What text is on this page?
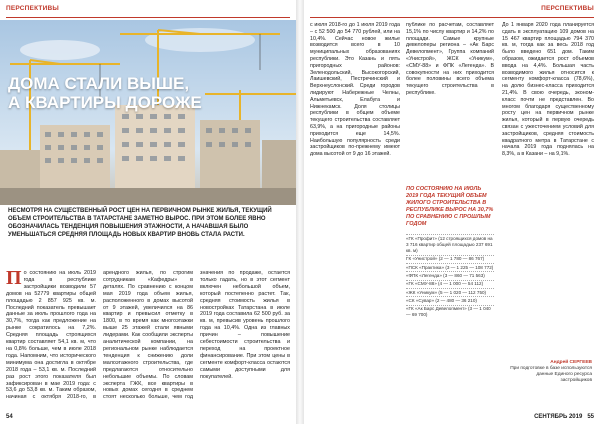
ПЕРСПЕКТИВЫ
ДОМА СТАЛИ ВЫШЕ,
А КВАРТИРЫ ДОРОЖЕ
НЕСМОТРЯ НА СУЩЕСТВЕННЫЙ РОСТ ЦЕН НА ПЕРВИЧНОМ РЫНКЕ ЖИЛЬЯ, ТЕКУЩИЙ ОБЪЕМ СТРОИТЕЛЬСТВА В ТАТАРСТАНЕ ЗАМЕТНО ВЫРОС. ПРИ ЭТОМ БОЛЕЕ ЯВНО ОБОЗНАЧИЛАСЬ ТЕНДЕНЦИЯ ПОВЫШЕНИЯ ЭТАЖНОСТИ, А НАЧАВШАЯ БЫЛО УМЕНЬШАТЬСЯ СРЕДНЯЯ ПЛОЩАДЬ НОВЫХ КВАРТИР ВНОВЬ СТАЛА РАСТИ.
П о состоянию на июль 2019 года в республике застройщики возводили 57 домов на 52779 квартиры общей площадью 2 857 925 кв. м. Последний показатель превышает данные за июль прошлого года на 30,7%, тогда как предложение на рынке сократилось на 7,2%. Средняя площадь строящихся квартир составляет 54,1 кв. м, что на 0,8% больше, чем в июле 2018 года. Напомним, что исторического минимума она достигла в октябре 2018 года – 53,1 кв. м. Последний раз рост этого показателя был зафиксирован в мае 2019 года: с 53,6 до 53,8 кв. м. Таким образом, начиная с октября 2018-го, в
арендного жилья, по строгим сотрудникам «Кафедры» в деталях. По сравнению с концом мая 2019 года объем жилья, расположенного в домах высотой от 9 этажей, увеличился на 86 квартир и превысил отметку в 1800, в то время как многоэтажки выше 25 этажей стали явными лидерами. Как сообщили эксперты аналитической компании, на региональном рынке наблюдается тенденция к снижению доли малоэтажного строительства, где предлагаются относительно небольшие объемы. По словам эксперта ГЖК, все квартиры в новых домах сегодня в среднем стоят несколько больше, чем год
значения по продаже, остается только гадать, но в этот сегмент включен небольшой объем, который постепенно растет. Так, средняя стоимость жилья в новостройках Татарстана в июле 2019 года составила 62 500 руб. за кв. м, превысив уровень прошлого года на 10,4%. Одна из главных причин – повышение себестоимости строительства и переход на проектное финансирование. При этом цены в сегменте комфорт-класса остаются самыми доступными для покупателей.
54
ПЕРСПЕКТИВЫ
с июля 2018-го до 1 июля 2019 года – с 52 500 до 54 770 рублей, или на 10,4%. Сейчас новое жилье возводится всего в 10 муниципальных образованиях республики. Это Казань и пять пригородных районов: Зеленодольский, Высокогорский, Лаишевский, Пестречинский и Верхнеуслонский. Среди городов лидируют Набережные Челны, Альметьевск, Елабуга и Нижнекамск. Доля столицы республики в общем объеме текущего строительства составляет 63,9%, а на пригородные районы приходится еще 14,5%. Наибольшую популярность среди застройщиков по-прежнему имеют дома высотой от 9 до 16 этажей.
публике по расчетам, составляет 15,1% по числу квартир и 14,2% по площади. Самые крупные девелоперы региона – «Ак Барс Девелопмент», Группа компаний «Унистрой», ЖСК «Уникум», «СМУ-88» и ФПК «Легенда». В совокупности на них приходится более половины всего объема текущего строительства в республике.
ПО СОСТОЯНИЮ НА ИЮЛЬ 2019 ГОДА ТЕКУЩИЙ ОБЪЕМ ЖИЛОГО СТРОИТЕЛЬСТВА В РЕСПУБЛИКЕ ВЫРОС НА 30,7% ПО СРАВНЕНИЮ С ПРОШЛЫМ ГОДОМ
«ГК «Профит» (12 строящихся домов на 3 716 квартир общей площадью 237 691 кв. м)
ГК «Унистрой» (2 — 1 780 — 86 767)
«ПСК «Практика» (3 — 1 225 — 108 772)
«ФПК «Легенда» (3 — 860 — 71 563)
«ГК «СМУ-88» (4 — 1 000 — 54 112)
«ЖК «Уникум» (5 — 1 020 — 112 750)
«СК «Сувар» (2 — 480 — 36 210)
«ГК «Ак Барс Девелопмент» (3 — 1 040 — 69 700)
До 1 января 2020 года планируется сдать в эксплуатацию 109 домов на 15 467 квартир площадью 794 370 кв. м, тогда как за весь 2018 год было введено 651 дом. Таким образом, ожидается рост объемов ввода на 4,4%. Большая часть возводимого жилья относится к сегменту комфорт-класса (78,6%), на долю бизнес-класса приходится 21,4%. В свою очередь, эконом-класс почти не представлен. Во многом благодаря существенному росту цен на первичном рынке жилья, который в первую очередь связан с ужесточением условий для застройщиков, средняя стоимость квадратного метра в Татарстане с начала 2019 года поднялась на 8,3%, а в Казани – на 9,1%.
Андрей СЕРГЕЕВ
При подготовке в базе используются данные Единого ресурса застройщиков
СЕНТЯБРЬ 2019 55
